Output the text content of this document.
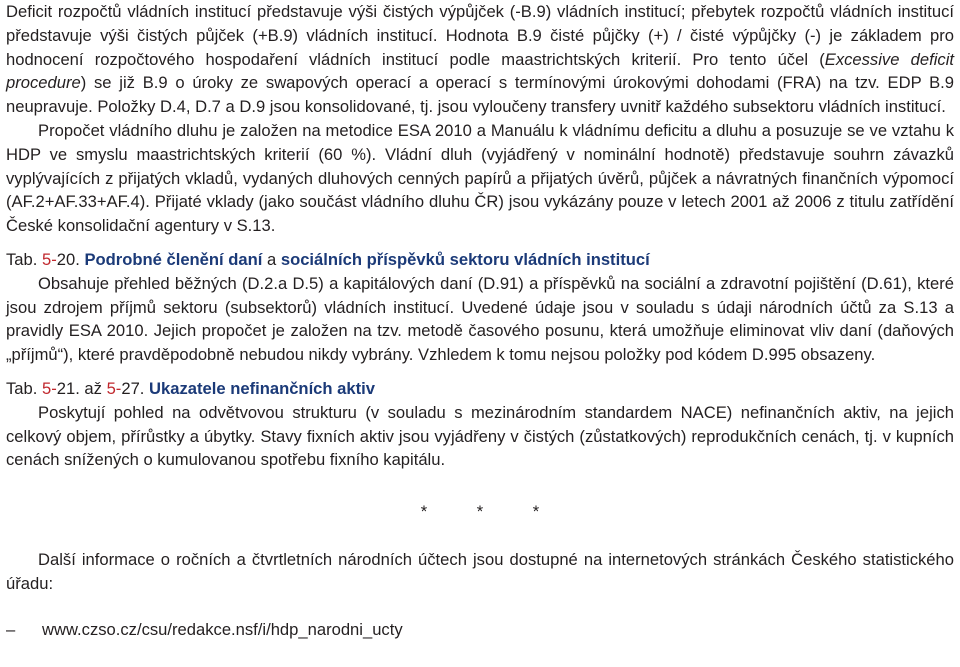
Deficit rozpočtů vládních institucí představuje výši čistých výpůjček (-B.9) vládních institucí; přebytek rozpočtů vládních institucí představuje výši čistých půjček (+B.9) vládních institucí. Hodnota B.9 čisté půjčky (+) / čisté výpůjčky (-) je základem pro hodnocení rozpočtového hospodaření vládních institucí podle maastrichtských kriterií. Pro tento účel (Excessive deficit procedure) se již B.9 o úroky ze swapových operací a operací s termínovými úrokovými dohodami (FRA) na tzv. EDP B.9 neupravuje. Položky D.4, D.7 a D.9 jsou konsolidované, tj. jsou vyloučeny transfery uvnitř každého subsektoru vládních institucí.

Propočet vládního dluhu je založen na metodice ESA 2010 a Manuálu k vládnímu deficitu a dluhu a posuzuje se ve vztahu k HDP ve smyslu maastrichtských kriterií (60 %). Vládní dluh (vyjádřený v nominální hodnotě) představuje souhrn závazků vyplývajících z přijatých vkladů, vydaných dluhových cenných papírů a přijatých úvěrů, půjček a návratných finančních výpomocí (AF.2+AF.33+AF.4). Přijaté vklady (jako součást vládního dluhu ČR) jsou vykázány pouze v letech 2001 až 2006 z titulu zatřídění České konsolidační agentury v S.13.

Tab. 5-20. Podrobné členění daní a sociálních příspěvků sektoru vládních institucí

Obsahuje přehled běžných (D.2.a D.5) a kapitálových daní (D.91) a příspěvků na sociální a zdravotní pojištění (D.61), které jsou zdrojem příjmů sektoru (subsektorů) vládních institucí. Uvedené údaje jsou v souladu s údaji národních účtů za S.13 a pravidly ESA 2010. Jejich propočet je založen na tzv. metodě časového posunu, která umožňuje eliminovat vliv daní (daňových „příjmů“), které pravděpodobně nebudou nikdy vybrány. Vzhledem k tomu nejsou položky pod kódem D.995 obsazeny.

Tab. 5-21. až 5-27. Ukazatele nefinančních aktiv

Poskytují pohled na odvětvovou strukturu (v souladu s mezinárodním standardem NACE) nefinančních aktiv, na jejich celkový objem, přírůstky a úbytky. Stavy fixních aktiv jsou vyjádřeny v čistých (zůstatkových) reprodukčních cenách, tj. v kupních cenách snížených o kumulovanou spotřebu fixního kapitálu.

*	*	*

Další informace o ročních a čtvrtletních národních účtech jsou dostupné na internetových stránkách Českého statistického úřadu:

– www.czso.cz/csu/redakce.nsf/i/hdp_narodni_ucty
